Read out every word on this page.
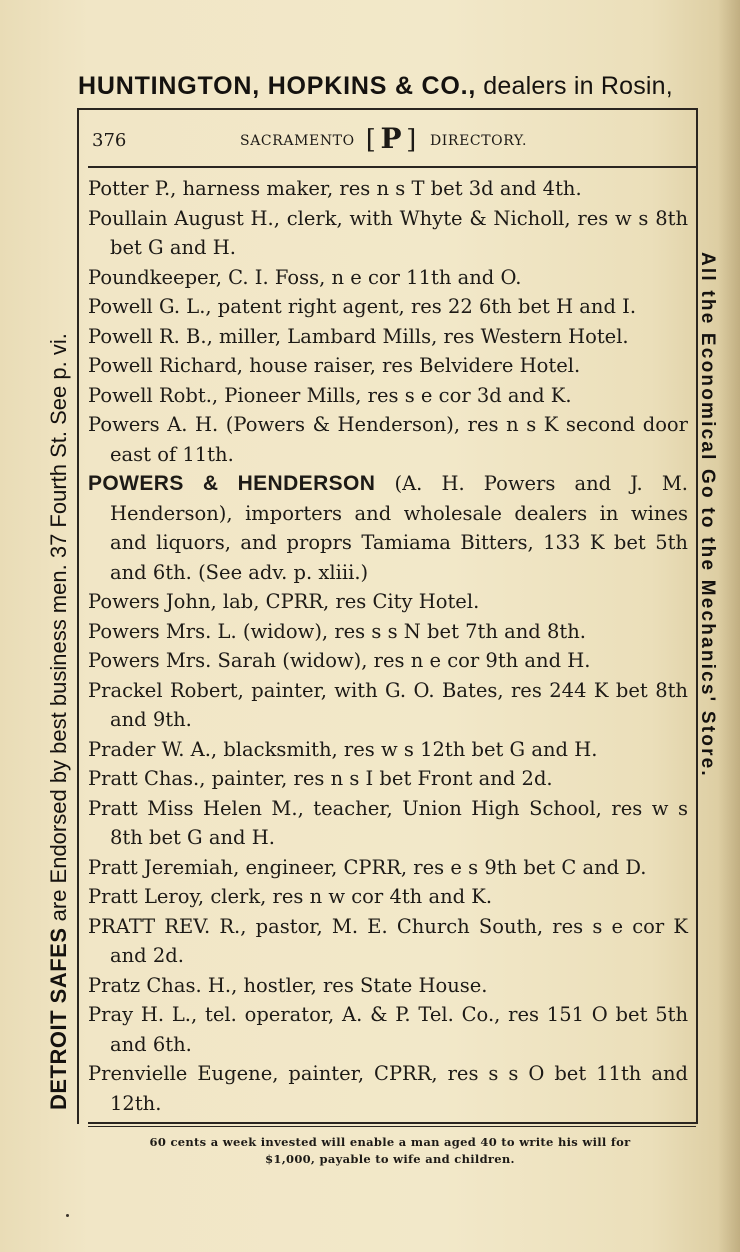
HUNTINGTON, HOPKINS & CO., dealers in Rosin,
376	SACRAMENTO [ P ] DIRECTORY.
Potter P., harness maker, res n s T bet 3d and 4th.
Poullain August H., clerk, with Whyte & Nicholl, res w s 8th bet G and H.
Poundkeeper, C. I. Foss, n e cor 11th and O.
Powell G. L., patent right agent, res 22 6th bet H and I.
Powell R. B., miller, Lambard Mills, res Western Hotel.
Powell Richard, house raiser, res Belvidere Hotel.
Powell Robt., Pioneer Mills, res s e cor 3d and K.
Powers A. H. (Powers & Henderson), res n s K second door east of 11th.
POWERS & HENDERSON (A. H. Powers and J. M. Henderson), importers and wholesale dealers in wines and liquors, and proprs Tamiama Bitters, 133 K bet 5th and 6th. (See adv. p. xliii.)
Powers John, lab, CPRR, res City Hotel.
Powers Mrs. L. (widow), res s s N bet 7th and 8th.
Powers Mrs. Sarah (widow), res n e cor 9th and H.
Prackel Robert, painter, with G. O. Bates, res 244 K bet 8th and 9th.
Prader W. A., blacksmith, res w s 12th bet G and H.
Pratt Chas., painter, res n s I bet Front and 2d.
Pratt Miss Helen M., teacher, Union High School, res w s 8th bet G and H.
Pratt Jeremiah, engineer, CPRR, res e s 9th bet C and D.
Pratt Leroy, clerk, res n w cor 4th and K.
PRATT REV. R., pastor, M. E. Church South, res s e cor K and 2d.
Pratz Chas. H., hostler, res State House.
Pray H. L., tel. operator, A. & P. Tel. Co., res 151 O bet 5th and 6th.
Prenvielle Eugene, painter, CPRR, res s s O bet 11th and 12th.
DETROIT SAFES are Endorsed by best business men. 37 Fourth St. See p. vi.	All the Economical Go to the Mechanics' Store.
60 cents a week invested will enable a man aged 40 to write his will for
$1,000, payable to wife and children.
